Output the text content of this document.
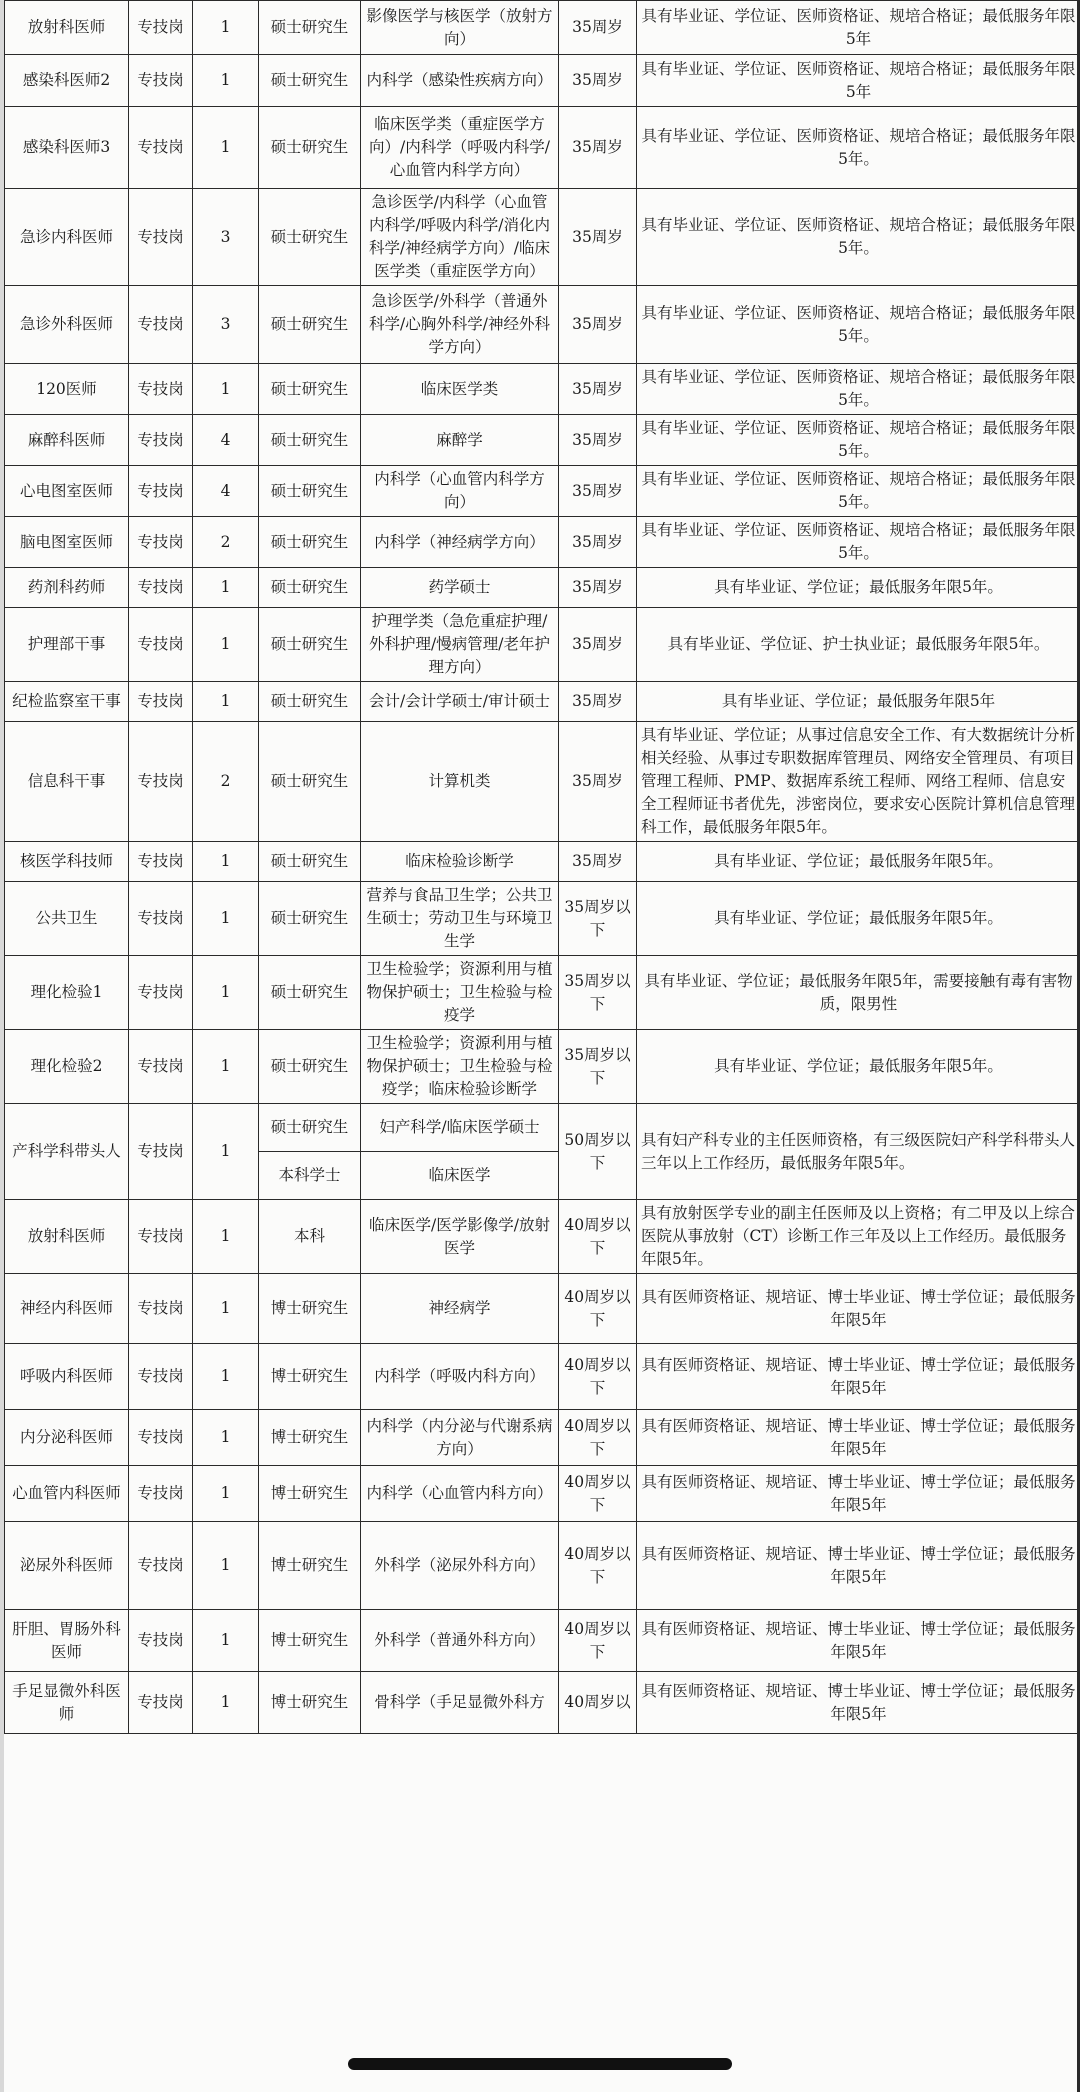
放射科医师	专技岗	1	硕士研究生	影像医学与核医学（放射方向）	35周岁	具有毕业证、学位证、医师资格证、规培合格证；最低服务年限5年
感染科医师2	专技岗	1	硕士研究生	内科学（感染性疾病方向）	35周岁	具有毕业证、学位证、医师资格证、规培合格证；最低服务年限5年
感染科医师3	专技岗	1	硕士研究生	临床医学类（重症医学方向）/内科学（呼吸内科学/心血管内科学方向）	35周岁	具有毕业证、学位证、医师资格证、规培合格证；最低服务年限5年。
急诊内科医师	专技岗	3	硕士研究生	急诊医学/内科学（心血管内科学/呼吸内科学/消化内科学/神经病学方向）/临床医学类（重症医学方向）	35周岁	具有毕业证、学位证、医师资格证、规培合格证；最低服务年限5年。
急诊外科医师	专技岗	3	硕士研究生	急诊医学/外科学（普通外科学/心胸外科学/神经外科学方向）	35周岁	具有毕业证、学位证、医师资格证、规培合格证；最低服务年限5年。
120医师	专技岗	1	硕士研究生	临床医学类	35周岁	具有毕业证、学位证、医师资格证、规培合格证；最低服务年限5年。
麻醉科医师	专技岗	4	硕士研究生	麻醉学	35周岁	具有毕业证、学位证、医师资格证、规培合格证；最低服务年限5年。
心电图室医师	专技岗	4	硕士研究生	内科学（心血管内科学方向）	35周岁	具有毕业证、学位证、医师资格证、规培合格证；最低服务年限5年。
脑电图室医师	专技岗	2	硕士研究生	内科学（神经病学方向）	35周岁	具有毕业证、学位证、医师资格证、规培合格证；最低服务年限5年。
药剂科药师	专技岗	1	硕士研究生	药学硕士	35周岁	具有毕业证、学位证；最低服务年限5年。
护理部干事	专技岗	1	硕士研究生	护理学类（急危重症护理/外科护理/慢病管理/老年护理方向）	35周岁	具有毕业证、学位证、护士执业证；最低服务年限5年。
纪检监察室干事	专技岗	1	硕士研究生	会计/会计学硕士/审计硕士	35周岁	具有毕业证、学位证；最低服务年限5年
信息科干事	专技岗	2	硕士研究生	计算机类	35周岁	具有毕业证、学位证；从事过信息安全工作、有大数据统计分析相关经验、从事过专职数据库管理员、网络安全管理员、有项目管理工程师、PMP、数据库系统工程师、网络工程师、信息安全工程师证书者优先，涉密岗位，要求安心医院计算机信息管理科工作，最低服务年限5年。
核医学科技师	专技岗	1	硕士研究生	临床检验诊断学	35周岁	具有毕业证、学位证；最低服务年限5年。
公共卫生	专技岗	1	硕士研究生	营养与食品卫生学；公共卫生硕士；劳动卫生与环境卫生学	35周岁以下	具有毕业证、学位证；最低服务年限5年。
理化检验1	专技岗	1	硕士研究生	卫生检验学；资源利用与植物保护硕士；卫生检验与检疫学	35周岁以下	具有毕业证、学位证；最低服务年限5年，需要接触有毒有害物质，限男性
理化检验2	专技岗	1	硕士研究生	卫生检验学；资源利用与植物保护硕士；卫生检验与检疫学；临床检验诊断学	35周岁以下	具有毕业证、学位证；最低服务年限5年。
产科学科带头人	专技岗	1	硕士研究生	妇产科学/临床医学硕士	50周岁以下	具有妇产科专业的主任医师资格，有三级医院妇产科学科带头人三年以上工作经历，最低服务年限5年。
			本科学士	临床医学		
放射科医师	专技岗	1	本科	临床医学/医学影像学/放射医学	40周岁以下	具有放射医学专业的副主任医师及以上资格；有二甲及以上综合医院从事放射（CT）诊断工作三年及以上工作经历。最低服务年限5年。
神经内科医师	专技岗	1	博士研究生	神经病学	40周岁以下	具有医师资格证、规培证、博士毕业证、博士学位证；最低服务年限5年
呼吸内科医师	专技岗	1	博士研究生	内科学（呼吸内科方向）	40周岁以下	具有医师资格证、规培证、博士毕业证、博士学位证；最低服务年限5年
内分泌科医师	专技岗	1	博士研究生	内科学（内分泌与代谢系病方向）	40周岁以下	具有医师资格证、规培证、博士毕业证、博士学位证；最低服务年限5年
心血管内科医师	专技岗	1	博士研究生	内科学（心血管内科方向）	40周岁以下	具有医师资格证、规培证、博士毕业证、博士学位证；最低服务年限5年
泌尿外科医师	专技岗	1	博士研究生	外科学（泌尿外科方向）	40周岁以下	具有医师资格证、规培证、博士毕业证、博士学位证；最低服务年限5年
肝胆、胃肠外科医师	专技岗	1	博士研究生	外科学（普通外科方向）	40周岁以下	具有医师资格证、规培证、博士毕业证、博士学位证；最低服务年限5年
手足显微外科医师	专技岗	1	博士研究生	骨科学（手足显微外科方	40周岁以	具有医师资格证、规培证、博士毕业证、博士学位证；最低服务年限5年
